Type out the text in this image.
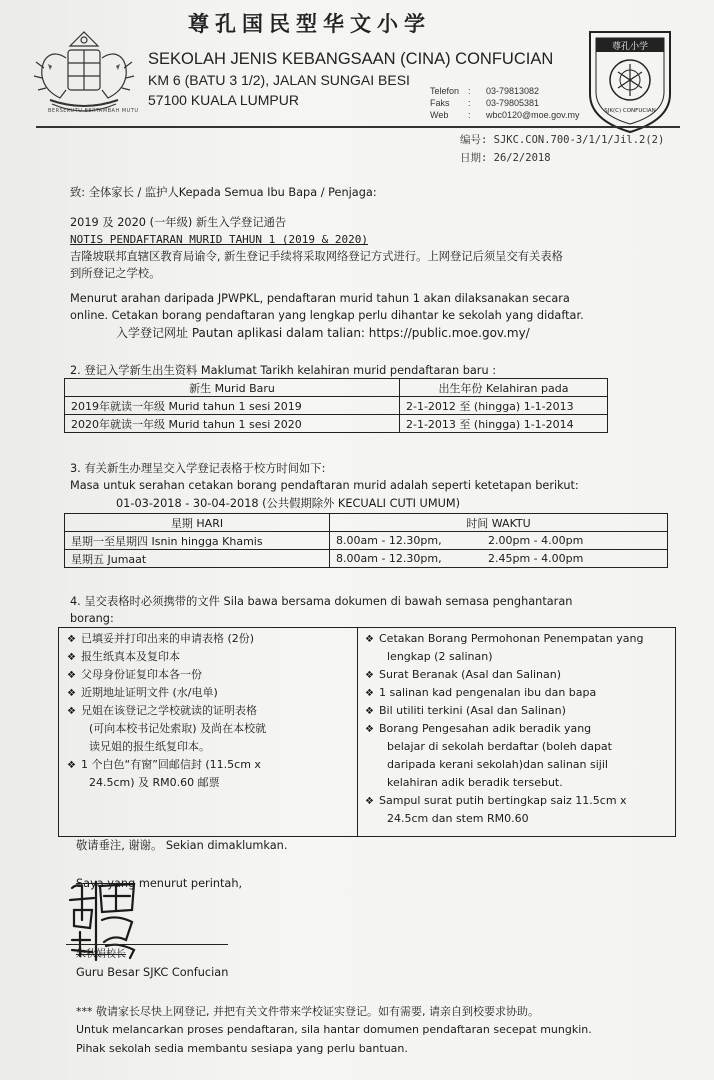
BERSEKUTU BERTAMBAH MUTU
尊孔国民型华文小学
SEKOLAH JENIS KEBANGSAAN (CINA) CONFUCIAN
KM 6 (BATU 3 1/2), JALAN SUNGAI BESI
57100 KUALA LUMPUR
Telefon : 03-79813082
Faks : 03-79805381
Web : wbc0120@moe.gov.my
尊孔小学
SJK(C) CONFUCIAN
编号: SJKC.CON.700-3/1/1/Jil.2(2)
日期: 26/2/2018
致: 全体家长 / 监护人Kepada Semua Ibu Bapa / Penjaga:
2019 及 2020 (一年级) 新生入学登记通告
NOTIS PENDAFTARAN MURID TAHUN 1 (2019 & 2020)
吉隆坡联邦直辖区教育局谕令, 新生登记手续将采取网络登记方式进行。上网登记后须呈交有关表格
到所登记之学校。
Menurut arahan daripada JPWPKL, pendaftaran murid tahun 1 akan dilaksanakan secara
online. Cetakan borang pendaftaran yang lengkap perlu dihantar ke sekolah yang didaftar.
入学登记网址 Pautan aplikasi dalam talian: https://public.moe.gov.my/
2. 登记入学新生出生资料 Maklumat Tarikh kelahiran murid pendaftaran baru :
新生 Murid Baru	出生年份 Kelahiran pada
2019年就读一年级 Murid tahun 1 sesi 2019	2-1-2012 至 (hingga) 1-1-2013
2020年就读一年级 Murid tahun 1 sesi 2020	2-1-2013 至 (hingga) 1-1-2014
3. 有关新生办理呈交入学登记表格于校方时间如下:
Masa untuk serahan cetakan borang pendaftaran murid adalah seperti ketetapan berikut:
01-03-2018 - 30-04-2018 (公共假期除外 KECUALI CUTI UMUM)
星期 HARI	时间 WAKTU	
星期一至星期四 Isnin hingga Khamis	8.00am - 12.30pm,	2.00pm - 4.00pm
星期五 Jumaat	8.00am - 12.30pm,	2.45pm - 4.00pm
4. 呈交表格时必须携带的文件 Sila bawa bersama dokumen di bawah semasa penghantaran
borang:
❖ 已填妥并打印出来的申请表格 (2份)
❖ 报生纸真本及复印本
❖ 父母身份证复印本各一份
❖ 近期地址证明文件 (水/电单)
❖ 兄姐在该登记之学校就读的证明表格
(可向本校书记处索取) 及尚在本校就
读兄姐的报生纸复印本。
❖ 1 个白色“有窗”回邮信封 (11.5cm x
24.5cm) 及 RM0.60 邮票
❖ Cetakan Borang Permohonan Penempatan yang
lengkap (2 salinan)
❖ Surat Beranak (Asal dan Salinan)
❖ 1 salinan kad pengenalan ibu dan bapa
❖ Bil utiliti terkini (Asal dan Salinan)
❖ Borang Pengesahan adik beradik yang
belajar di sekolah berdaftar (boleh dapat
daripada kerani sekolah)dan salinan sijil
kelahiran adik beradik tersebut.
❖ Sampul surat putih bertingkap saiz 11.5cm x
24.5cm dan stem RM0.60
敬请垂注, 谢谢。 Sekian dimaklumkan.
Saya yang menurut perintah,
朱秋娟校长
Guru Besar SJKC Confucian
*** 敬请家长尽快上网登记, 并把有关文件带来学校证实登记。如有需要, 请亲自到校要求协助。
Untuk melancarkan proses pendaftaran, sila hantar domumen pendaftaran secepat mungkin.
Pihak sekolah sedia membantu sesiapa yang perlu bantuan.
